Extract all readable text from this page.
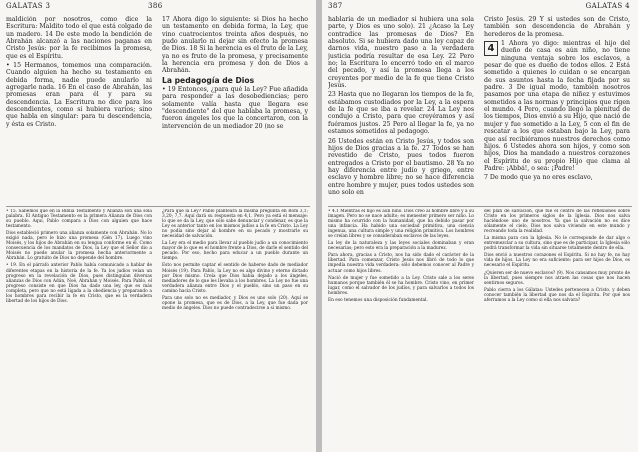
GALATAS 3	386

maldición por nosotros, como dice la Escritura: Maldito todo el que está colgado de un madero. 14 De este modo la bendición de Abrahán alcanzó a las naciones paganas en Cristo Jesús: por la fe recibimos la promesa, que es el Espíritu.

• 15 Hermanos, tomemos una comparación. Cuando alguien ha hecho su testamento en debida forma, nadie puede anularlo ni agregarle nada. 16 En el caso de Abrahán, las promesas eran para él y para su descendencia. La Escritura no dice para los descendientes, como si hubiera varios; sino que habla en singular: para tu descendencia, y ésta es Cristo.

17 Ahora digo lo siguiente: si Dios ha hecho un testamento en debida forma, la Ley, que vino cuatrocientos treinta años después, no pudo anularlo ni dejar sin efecto la promesa de Dios. 18 Si la herencia es el fruto de la Ley, ya no es fruto de la promesa, y precisamente la herencia era promesa y don de Dios a Abrahán.

La pedagogía de Dios

• 19 Entonces, ¿para qué la Ley? Fue añadida para responder a las desobediencias; pero solamente valía hasta que llegara ese "descendiente" del que hablaba la promesa, y fueron ángeles los que la concertaron, con la intervención de un mediador 20 (no se

• 15. Sabemos que en la Biblia Testamento y Alianza son una sola palabra. El Antiguo Testamento es la primera Alianza de Dios con su pueblo. Aquí, Pablo compara a Dios con alguien que hace testamento.

Dios estableció primero una alianza solamente con Abrahán. No lo exigió nada, pero le hizo una promesa (Gén 17). Luego vino Moisés, y los hijos de Abrahán en su lengua conforme en él. Como consecuencia de los mandatos de Dios, la Ley que el Señor dio a Moisés no puede anular la promesa hecha anteriormente a Abrahán. Lo gratuito de Dios no depende del hombre.

• 19. En el párrafo anterior Pablo había comunicado a hablar de diferentes etapas en la historia de la fe. Ya los judíos veían un progreso en la revelación de Dios, pues distinguían diversas alianzas de Dios con Adán, Noé, Abrahán y Moisés. Para Pablo, el progreso consiste en que Dios ha dado una ley, que es más completa, pero que no está ligada a la obediencia y preparando a los hombres para recibir la fe en Cristo, que es la verdadera libertad de los hijos de Dios.

¿Para qué la Ley? Pablo planteará la misma pregunta en Rom 3,1; 3,20; 7,7. Aquí dará su respuesta en 4,1. Pero ya está el mensaje: lo que se da la Ley, que sólo sabe denunciar y condenar, es que la Ley es anterior tanto en los mismos judíos a la fe en Cristo. La Ley no podía sino dejar al hombre en su pecado y mostrarle su necesidad de salvación.

La Ley era el medio para llevar al pueblo judío a un conocimiento mayor de lo que es el hombre frente a Dios, de darle el sentido del pecado. Por eso, hecho para educar a un pueblo durante un tiempo.

Esto nos permite captar el sentido de haberse dado de mediador Moisés (19). Para Pablo, la Ley no es algo divino y eterno dictado por Dios mismo. Creía que Dios había dejado a los ángeles, mediadores de lo que les llevaba a los hombres. La Ley no fue una verdadera alianza entre Dios y el pueblo, sino un paso en su camino hacia Cristo.

Para uno solo no es mediador, y Dios es uno solo (20). Aquí se opone la promesa, que es de Dios, a la Ley, que fue dada por medio de ángeles. Dios no puede contradecirse a sí mismo.

387	GALATAS 4

hablaría de un mediador si hubiera una sola parte, y Dios es uno solo). 21 ¿Acaso la Ley contradice las promesas de Dios? En absoluto. Si se hubiera dado una ley capaz de darnos vida, nuestro paso a la verdadera justicia podría resultar de esa Ley. 22 Pero no; la Escritura lo encerró todo en el marco del pecado, y así la promesa llega a los creyentes por medio de la fe que tiene Cristo Jesús.

23 Hasta que no llegaran los tiempos de la fe, estábamos custodiados por la Ley, a la espera de la fe que se iba a revelar. 24 La Ley nos condujo a Cristo, para que creyéramos y así fuéramos justos. 25 Pero al llegar la fe, ya no estamos sometidos al pedagogo.

26 Ustedes están en Cristo Jesús, y todos son hijos de Dios gracias a la fe. 27 Todos se han revestido de Cristo, pues todos fueron entregados a Cristo por el bautismo. 28 Ya no hay diferencia entre judío y griego, entre esclavo y hombre libre; no se hace diferencia entre hombre y mujer, pues todos ustedes son uno solo en

Cristo Jesús. 29 Y si ustedes son de Cristo, también son descendencia de Abrahán y herederos de la promesa.

4	1 Ahora yo digo: mientras el hijo del dueño de casa es aún niño, no tiene ninguna ventaja sobre los esclavos, a pesar de que es dueño de todos ellos. 2 Está sometido a quienes lo cuidan o se encargan de sus asuntos hasta la fecha fijada por su padre. 3 De igual modo, también nosotros pasamos por una etapa de niñez y estuvimos sometidos a las normas y principios que rigen el mundo. 4 Pero, cuando llegó la plenitud de los tiempos, Dios envió a su Hijo, que nació de mujer y fue sometido a la Ley, 5 con el fin de rescatar a los que estaban bajo la Ley, para que así recibiéramos nuestros derechos como hijos. 6 Ustedes ahora son hijos, y como son hijos, Dios ha mandado a nuestros corazones el Espíritu de su propio Hijo que clama al Padre: ¡Abbá!, o sea: ¡Padre!

7 De modo que ya no eres esclavo,

• 4.1 Mientras el hijo es aún niño. Dios creó al hombre libre y a su imagen. Pero no se nace adulto; es menester primero ser niño. Lo mismo ha ocurrido con la humanidad, que ha debido pasar por una infancia. Ha habido una sociedad primitiva, una ciencia ingenua, una cultura simple y una religión primitiva. Los hombres se creían libres y se consideraban esclavos de las leyes.

La ley de la naturaleza y las leyes sociales dominaban y eran necesarias; pero esto era la preparación a la madurez.

Para ahora, gracias a Cristo, nos ha sido dado el carácter de la libertad. Para comenzar, Cristo Jesús nos libró de todo lo que impedía nuestra vida verdadera: sólo debemos conocer al Padre y actuar como hijos libres.

Nació de mujer y fue sometido a la Ley. Cristo sale a los seres humanos porque también él se ha hombre. Cristo vino, en primer lugar, como el salvador de los judíos, y para salvarlos a todos los hombres.

En eso tenemos una disposición fundamental.

del plan de salvación, que fue el centro de las reflexiones sobre Cristo en los primeros siglos de la Iglesia. Dios nos salva haciéndose uno de nosotros. Ya que la salvación no es dice sólamente el cielo, Dios nos salva viviendo en este mundo y recreando toda la realidad.

La misma para con la Iglesia. No le corresponde de dar algo o entremezclar a su cultura, sino que es de participar, la Iglesia sólo podrá transformar la vida sin situarse totalmente dentro de ella.

Dios envió a nuestros corazones el Espíritu. Si no hay fe, no hay vida de hijos. La Ley no era suficiente: para ser hijos de Dios, es necesario el Espíritu.

¿Quieren ser de nuevo esclavos? (9). Nos cansamos muy pronto de la libertad, pues siempre nos atraen las cosas que nos hacen sentirnos seguros.

Pablo cierra a los Gálatas: Ustedes pertenecen a Cristo, y deben conocer también la libertad que nos da el Espíritu. Por qué nos aferramos a la Ley como si ella nos salvara?
